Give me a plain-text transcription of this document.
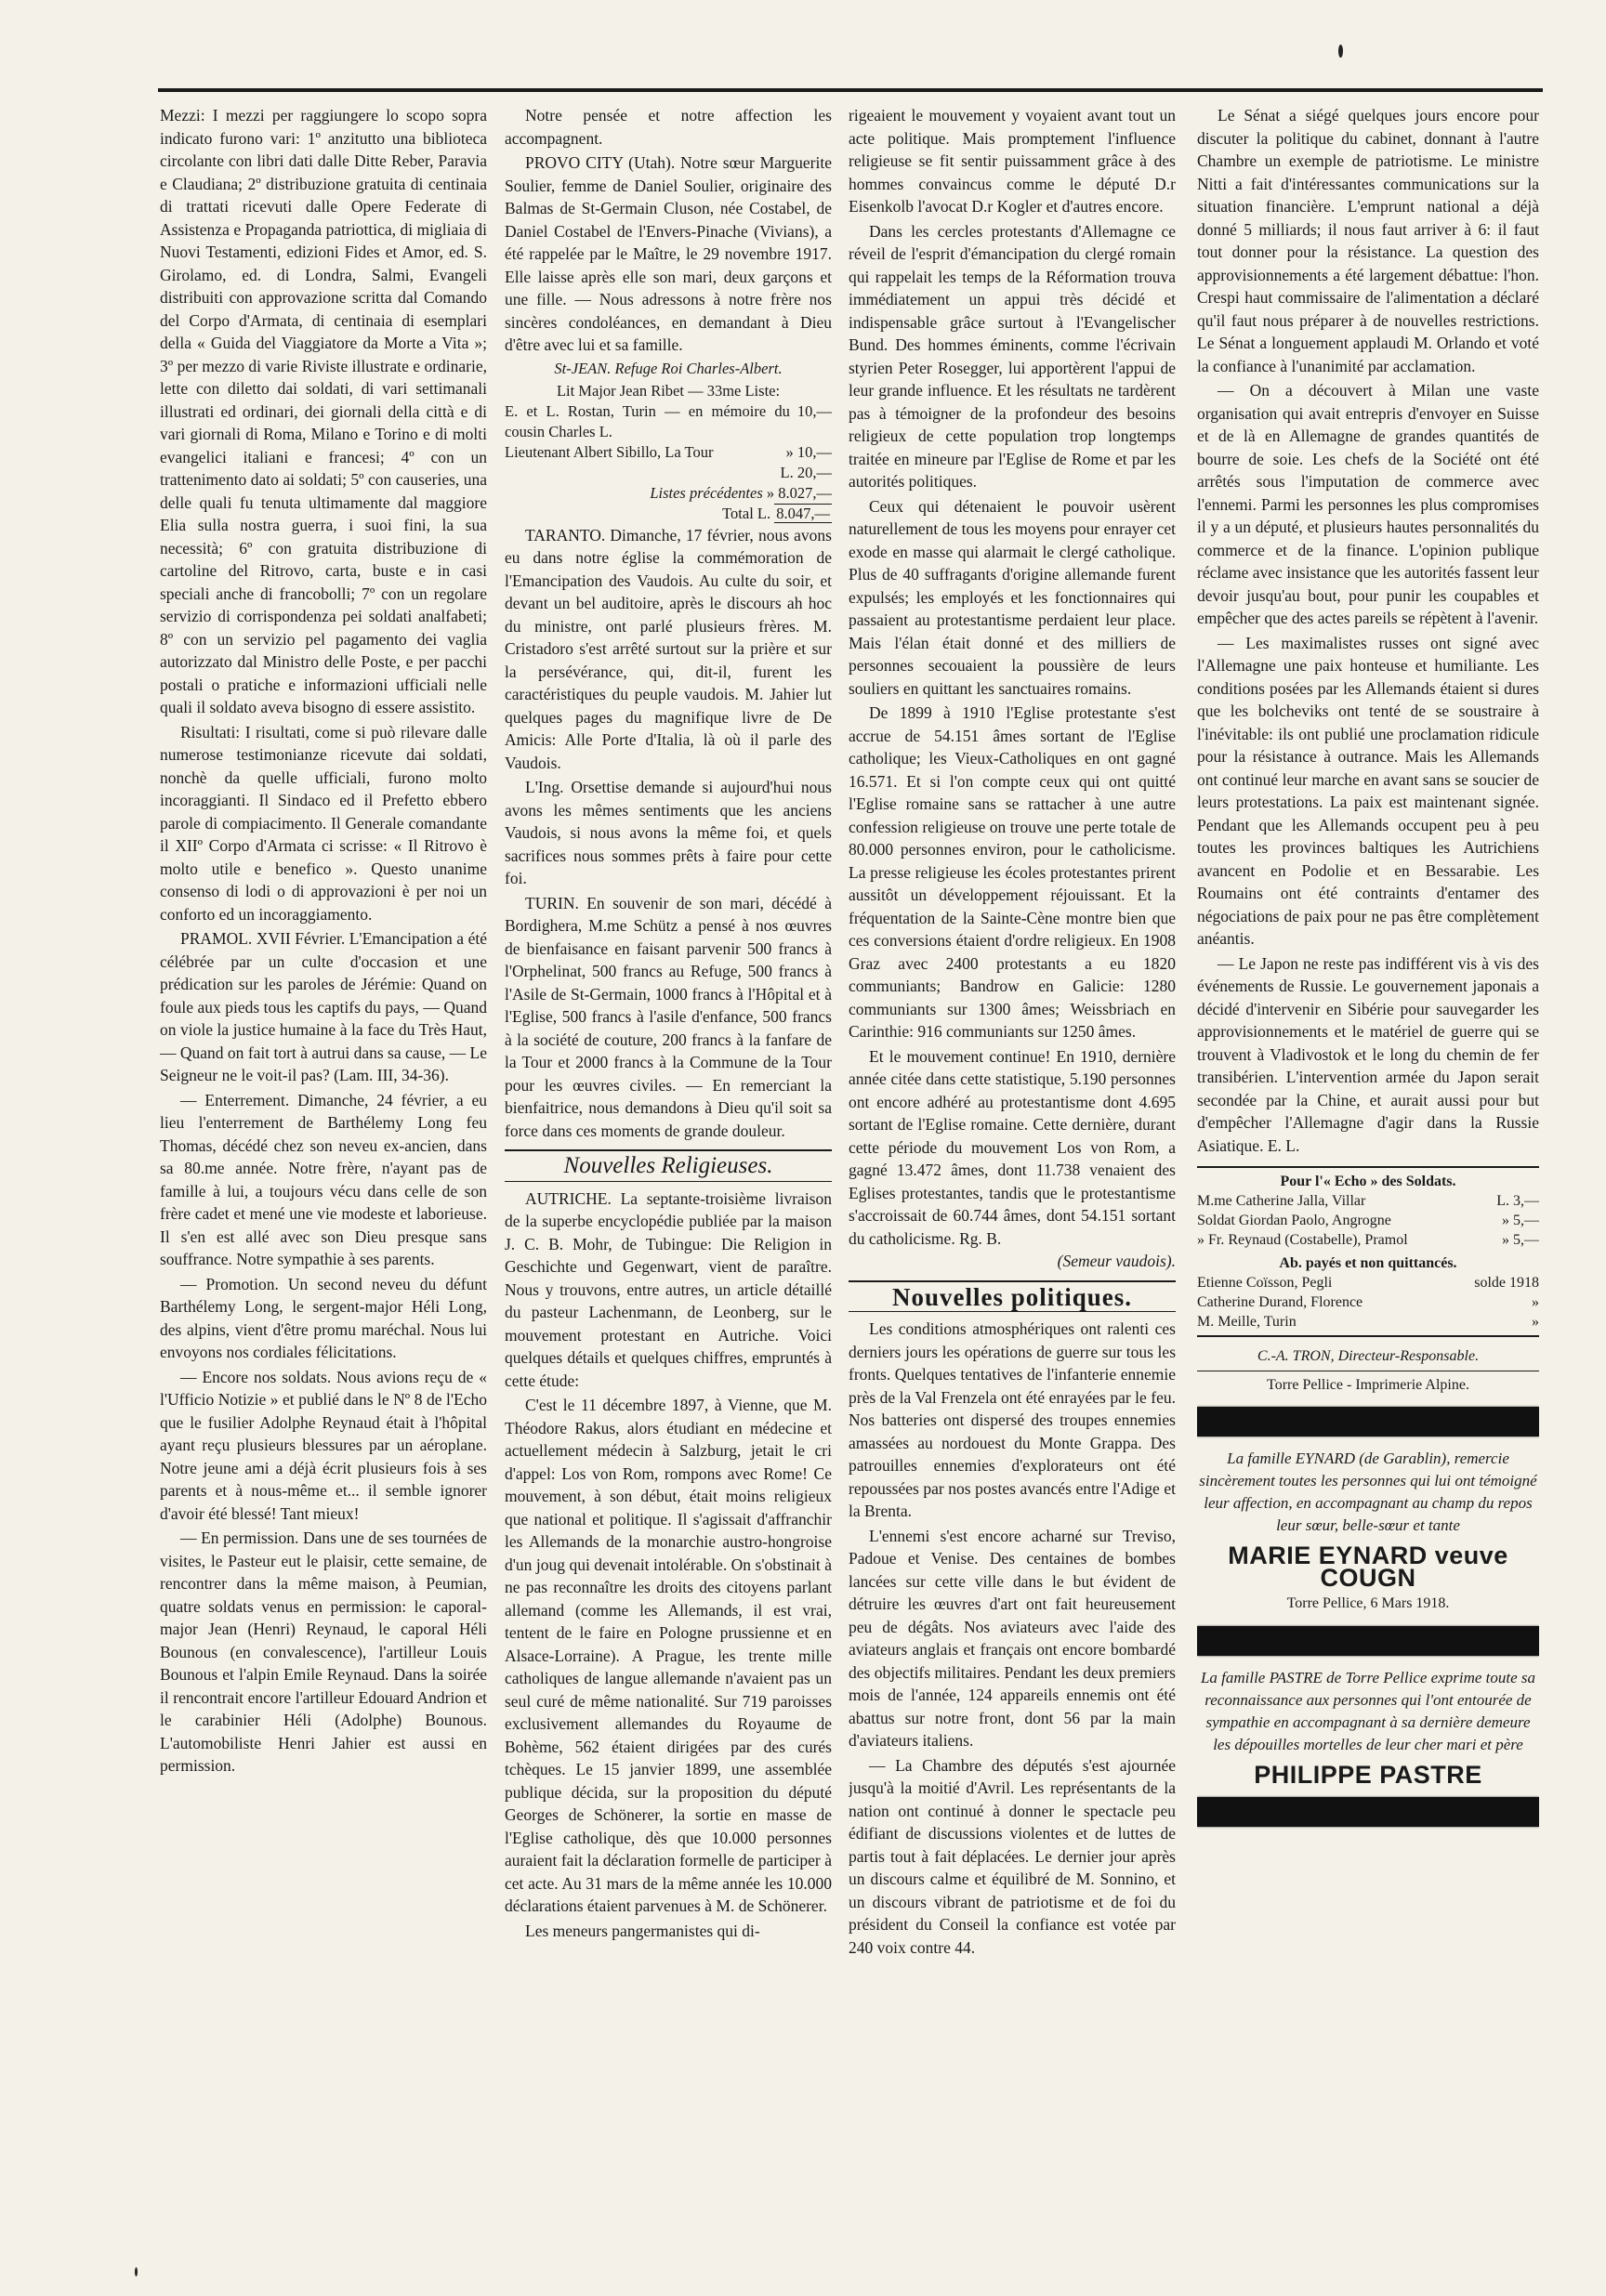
Mezzi: I mezzi per raggiungere lo scopo sopra indicato furono vari: 1º anzitutto una biblioteca circolante con libri dati dalle Ditte Reber, Paravia e Claudiana; 2º distribuzione gratuita di centinaia di trattati ricevuti dalle Opere Federate di Assistenza e Propaganda patriottica, di migliaia di Nuovi Testamenti, edizioni Fides et Amor, ed. S. Girolamo, ed. di Londra, Salmi, Evangeli distribuiti con approvazione scritta dal Comando del Corpo d'Armata, di centinaia di esemplari della « Guida del Viaggiatore da Morte a Vita »; 3º per mezzo di varie Riviste illustrate e ordinarie, lette con diletto dai soldati, di vari settimanali illustrati ed ordinari, dei giornali della città e di vari giornali di Roma, Milano e Torino e di molti evangelici italiani e francesi; 4º con un trattenimento dato ai soldati; 5º con causeries, una delle quali fu tenuta ultimamente dal maggiore Elia sulla nostra guerra, i suoi fini, la sua necessità; 6º con gratuita distribuzione di cartoline del Ritrovo, carta, buste e in casi speciali anche di francobolli; 7º con un regolare servizio di corrispondenza pei soldati analfabeti; 8º con un servizio pel pagamento dei vaglia autorizzato dal Ministro delle Poste, e per pacchi postali o pratiche e informazioni ufficiali nelle quali il soldato aveva bisogno di essere assistito.

Risultati: I risultati, come si può rilevare dalle numerose testimonianze ricevute dai soldati, nonchè da quelle ufficiali, furono molto incoraggianti. Il Sindaco ed il Prefetto ebbero parole di compiacimento. Il Generale comandante il XIIº Corpo d'Armata ci scrisse: « Il Ritrovo è molto utile e benefico ». Questo unanime consenso di lodi o di approvazioni è per noi un conforto ed un incoraggiamento.

PRAMOL. XVII Février. L'Emancipation a été célébrée par un culte d'occasion et une prédication sur les paroles de Jérémie: Quand on foule aux pieds tous les captifs du pays, — Quand on viole la justice humaine à la face du Très Haut, — Quand on fait tort à autrui dans sa cause, — Le Seigneur ne le voit-il pas? (Lam. III, 34-36).

— Enterrement. Dimanche, 24 février, a eu lieu l'enterrement de Barthélemy Long feu Thomas, décédé chez son neveu ex-ancien, dans sa 80.me année. Notre frère, n'ayant pas de famille à lui, a toujours vécu dans celle de son frère cadet et mené une vie modeste et laborieuse. Il s'en est allé avec son Dieu presque sans souffrance. Notre sympathie à ses parents.

— Promotion. Un second neveu du défunt Barthélemy Long, le sergent-major Héli Long, des alpins, vient d'être promu maréchal. Nous lui envoyons nos cordiales félicitations.

— Encore nos soldats. Nous avions reçu de « l'Ufficio Notizie » et publié dans le Nº 8 de l'Echo que le fusilier Adolphe Reynaud était à l'hôpital ayant reçu plusieurs blessures par un aéroplane. Notre jeune ami a déjà écrit plusieurs fois à ses parents et à nous-même et... il semble ignorer d'avoir été blessé! Tant mieux!

— En permission. Dans une de ses tournées de visites, le Pasteur eut le plaisir, cette semaine, de rencontrer dans la même maison, à Peumian, quatre soldats venus en permission: le caporal-major Jean (Henri) Reynaud, le caporal Héli Bounous (en convalescence), l'artilleur Louis Bounous et l'alpin Emile Reynaud. Dans la soirée il rencontrait encore l'artilleur Edouard Andrion et le carabinier Héli (Adolphe) Bounous. L'automobiliste Henri Jahier est aussi en permission.

Notre pensée et notre affection les accompagnent.

PROVO CITY (Utah). Notre sœur Marguerite Soulier, femme de Daniel Soulier, originaire des Balmas de St-Germain Cluson, née Costabel, de Daniel Costabel de l'Envers-Pinache (Vivians), a été rappelée par le Maître, le 29 novembre 1917. Elle laisse après elle son mari, deux garçons et une fille. — Nous adressons à notre frère nos sincères condoléances, en demandant à Dieu d'être avec lui et sa famille.

St-JEAN. Refuge Roi Charles-Albert.
Lit Major Jean Ribet — 33me Liste:
E. et L. Rostan, Turin — en mémoire du cousin Charles L.
10,—
Lieutenant Albert Sibillo, La Tour	» 10,—
L. 20,—
Listes précédentes » 8.027,—
Total L. 8.047,—

TARANTO. Dimanche, 17 février, nous avons eu dans notre église la commémoration de l'Emancipation des Vaudois. Au culte du soir, et devant un bel auditoire, après le discours ah hoc du ministre, ont parlé plusieurs frères. M. Cristadoro s'est arrêté surtout sur la prière et sur la persévérance, qui, dit-il, furent les caractéristiques du peuple vaudois. M. Jahier lut quelques pages du magnifique livre de De Amicis: Alle Porte d'Italia, là où il parle des Vaudois.

L'Ing. Orsettise demande si aujourd'hui nous avons les mêmes sentiments que les anciens Vaudois, si nous avons la même foi, et quels sacrifices nous sommes prêts à faire pour cette foi.

TURIN. En souvenir de son mari, décédé à Bordighera, M.me Schütz a pensé à nos œuvres de bienfaisance en faisant parvenir 500 francs à l'Orphelinat, 500 francs au Refuge, 500 francs à l'Asile de St-Germain, 1000 francs à l'Hôpital et à l'Eglise, 500 francs à l'asile d'enfance, 500 francs à la société de couture, 200 francs à la fanfare de la Tour et 2000 francs à la Commune de la Tour pour les œuvres civiles. — En remerciant la bienfaitrice, nous demandons à Dieu qu'il soit sa force dans ces moments de grande douleur.

Nouvelles Religieuses.

AUTRICHE. La septante-troisième livraison de la superbe encyclopédie publiée par la maison J. C. B. Mohr, de Tubingue: Die Religion in Geschichte und Gegenwart, vient de paraître. Nous y trouvons, entre autres, un article détaillé du pasteur Lachenmann, de Leonberg, sur le mouvement protestant en Autriche. Voici quelques détails et quelques chiffres, empruntés à cette étude:

C'est le 11 décembre 1897, à Vienne, que M. Théodore Rakus, alors étudiant en médecine et actuellement médecin à Salzburg, jetait le cri d'appel: Los von Rom, rompons avec Rome! Ce mouvement, à son début, était moins religieux que national et politique. Il s'agissait d'affranchir les Allemands de la monarchie austro-hongroise d'un joug qui devenait intolérable. On s'obstinait à ne pas reconnaître les droits des citoyens parlant allemand (comme les Allemands, il est vrai, tentent de le faire en Pologne prussienne et en Alsace-Lorraine). A Prague, les trente mille catholiques de langue allemande n'avaient pas un seul curé de même nationalité. Sur 719 paroisses exclusivement allemandes du Royaume de Bohème, 562 étaient dirigées par des curés tchèques. Le 15 janvier 1899, une assemblée publique décida, sur la proposition du député Georges de Schönerer, la sortie en masse de l'Eglise catholique, dès que 10.000 personnes auraient fait la déclaration formelle de participer à cet acte. Au 31 mars de la même année les 10.000 déclarations étaient parvenues à M. de Schönerer.

Les meneurs pangermanistes qui di-

rigeaient le mouvement y voyaient avant tout un acte politique. Mais promptement l'influence religieuse se fit sentir puissamment grâce à des hommes convaincus comme le député D.r Eisenkolb l'avocat D.r Kogler et d'autres encore.

Dans les cercles protestants d'Allemagne ce réveil de l'esprit d'émancipation du clergé romain qui rappelait les temps de la Réformation trouva immédiatement un appui très décidé et indispensable grâce surtout à l'Evangelischer Bund. Des hommes éminents, comme l'écrivain styrien Peter Rosegger, lui apportèrent l'appui de leur grande influence. Et les résultats ne tardèrent pas à témoigner de la profondeur des besoins religieux de cette population trop longtemps traitée en mineure par l'Eglise de Rome et par les autorités politiques.

Ceux qui détenaient le pouvoir usèrent naturellement de tous les moyens pour enrayer cet exode en masse qui alarmait le clergé catholique. Plus de 40 suffragants d'origine allemande furent expulsés; les employés et les fonctionnaires qui passaient au protestantisme perdaient leur place. Mais l'élan était donné et des milliers de personnes secouaient la poussière de leurs souliers en quittant les sanctuaires romains.

De 1899 à 1910 l'Eglise protestante s'est accrue de 54.151 âmes sortant de l'Eglise catholique; les Vieux-Catholiques en ont gagné 16.571. Et si l'on compte ceux qui ont quitté l'Eglise romaine sans se rattacher à une autre confession religieuse on trouve une perte totale de 80.000 personnes environ, pour le catholicisme. La presse religieuse les écoles protestantes prirent aussitôt un développement réjouissant. Et la fréquentation de la Sainte-Cène montre bien que ces conversions étaient d'ordre religieux. En 1908 Graz avec 2400 protestants a eu 1820 communiants; Bandrow en Galicie: 1280 communiants sur 1300 âmes; Weissbriach en Carinthie: 916 communiants sur 1250 âmes.

Et le mouvement continue! En 1910, dernière année citée dans cette statistique, 5.190 personnes ont encore adhéré au protestantisme dont 4.695 sortant de l'Eglise romaine. Cette dernière, durant cette période du mouvement Los von Rom, a gagné 13.472 âmes, dont 11.738 venaient des Eglises protestantes, tandis que le protestantisme s'accroissait de 60.744 âmes, dont 54.151 sortant du catholicisme. Rg. B.

(Semeur vaudois).
Nouvelles politiques.

Les conditions atmosphériques ont ralenti ces derniers jours les opérations de guerre sur tous les fronts. Quelques tentatives de l'infanterie ennemie près de la Val Frenzela ont été enrayées par le feu. Nos batteries ont dispersé des troupes ennemies amassées au nordouest du Monte Grappa. Des patrouilles ennemies d'explorateurs ont été repoussées par nos postes avancés entre l'Adige et la Brenta.

L'ennemi s'est encore acharné sur Treviso, Padoue et Venise. Des centaines de bombes lancées sur cette ville dans le but évident de détruire les œuvres d'art ont fait heureusement peu de dégâts. Nos aviateurs avec l'aide des aviateurs anglais et français ont encore bombardé des objectifs militaires. Pendant les deux premiers mois de l'année, 124 appareils ennemis ont été abattus sur notre front, dont 56 par la main d'aviateurs italiens.

— La Chambre des députés s'est ajournée jusqu'à la moitié d'Avril. Les représentants de la nation ont continué à donner le spectacle peu édifiant de discussions violentes et de luttes de partis tout à fait déplacées. Le dernier jour après un discours calme et équilibré de M. Sonnino, et un discours vibrant de patriotisme et de foi du président du Conseil la confiance est votée par 240 voix contre 44.

Le Sénat a siégé quelques jours encore pour discuter la politique du cabinet, donnant à l'autre Chambre un exemple de patriotisme. Le ministre Nitti a fait d'intéressantes communications sur la situation financière. L'emprunt national a déjà donné 5 milliards; il nous faut arriver à 6: il faut tout donner pour la résistance. La question des approvisionnements a été largement débattue: l'hon. Crespi haut commissaire de l'alimentation a déclaré qu'il faut nous préparer à de nouvelles restrictions. Le Sénat a longuement applaudi M. Orlando et voté la confiance à l'unanimité par acclamation.

— On a découvert à Milan une vaste organisation qui avait entrepris d'envoyer en Suisse et de là en Allemagne de grandes quantités de bourre de soie. Les chefs de la Société ont été arrêtés sous l'imputation de commerce avec l'ennemi. Parmi les personnes les plus compromises il y a un député, et plusieurs hautes personnalités du commerce et de la finance. L'opinion publique réclame avec insistance que les autorités fassent leur devoir jusqu'au bout, pour punir les coupables et empêcher que des actes pareils se répètent à l'avenir.

— Les maximalistes russes ont signé avec l'Allemagne une paix honteuse et humiliante. Les conditions posées par les Allemands étaient si dures que les bolcheviks ont tenté de se soustraire à l'inévitable: ils ont publié une proclamation ridicule pour la résistance à outrance. Mais les Allemands ont continué leur marche en avant sans se soucier de leurs protestations. La paix est maintenant signée. Pendant que les Allemands occupent peu à peu toutes les provinces baltiques les Autrichiens avancent en Podolie et en Bessarabie. Les Roumains ont été contraints d'entamer des négociations de paix pour ne pas être complètement anéantis.

— Le Japon ne reste pas indifférent vis à vis des événements de Russie. Le gouvernement japonais a décidé d'intervenir en Sibérie pour sauvegarder les approvisionnements et le matériel de guerre qui se trouvent à Vladivostok et le long du chemin de fer transibérien. L'intervention armée du Japon serait secondée par la Chine, et aurait aussi pour but d'empêcher l'Allemagne d'agir dans la Russie Asiatique. E. L.

Pour l'« Echo » des Soldats.
M.me Catherine Jalla, Villar	L. 3,—
Soldat Giordan Paolo, Angrogne	» 5,—
» Fr. Reynaud (Costabelle), Pramol	» 5,—
Ab. payés et non quittancés.
Etienne Coïsson, Pegli	solde 1918
Catherine Durand, Florence	»
M. Meille, Turin	»
C.-A. TRON, Directeur-Responsable.
Torre Pellice - Imprimerie Alpine.
La famille EYNARD (de Garablin), remercie sincèrement toutes les personnes qui lui ont témoigné leur affection, en accompagnant au champ du repos leur sœur, belle-sœur et tante
MARIE EYNARD veuve COUGN
Torre Pellice, 6 Mars 1918.
La famille PASTRE de Torre Pellice exprime toute sa reconnaissance aux personnes qui l'ont entourée de sympathie en accompagnant à sa dernière demeure les dépouilles mortelles de leur cher mari et père
PHILIPPE PASTRE
